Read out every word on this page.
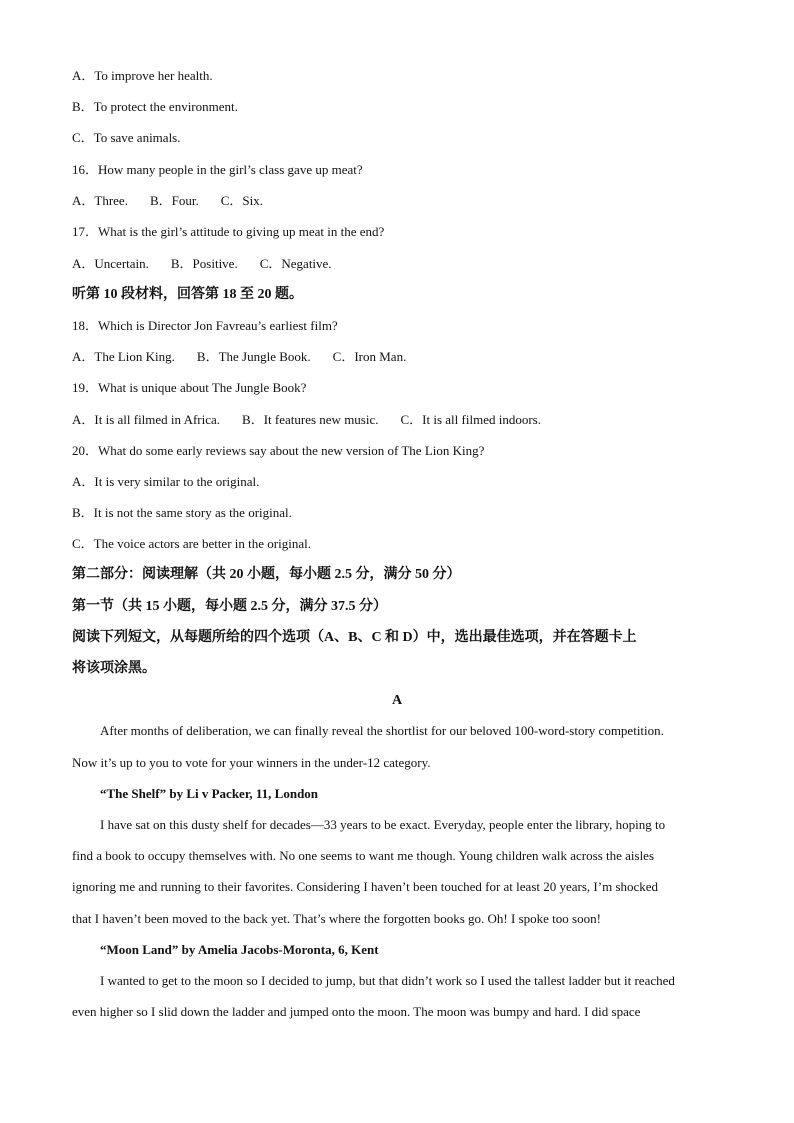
A．To improve her health.
B．To protect the environment.
C．To save animals.
16．How many people in the girl’s class gave up meat?
A．Three. B．Four. C．Six.
17．What is the girl’s attitude to giving up meat in the end?
A．Uncertain. B．Positive. C．Negative.
听第 10 段材料，回答第 18 至 20 题。
18．Which is Director Jon Favreau’s earliest film?
A．The Lion King. B．The Jungle Book. C．Iron Man.
19．What is unique about The Jungle Book?
A．It is all filmed in Africa. B．It features new music. C．It is all filmed indoors.
20．What do some early reviews say about the new version of The Lion King?
A．It is very similar to the original.
B．It is not the same story as the original.
C．The voice actors are better in the original.
第二部分：阅读理解（共 20 小题，每小题 2.5 分，满分 50 分）
第一节（共 15 小题，每小题 2.5 分，满分 37.5 分）
阅读下列短文，从每题所给的四个选项（A、B、C 和 D）中，选出最佳选项，并在答题卡上
将该项涂黑。
A
After months of deliberation, we can finally reveal the shortlist for our beloved 100-word-story competition.
Now it’s up to you to vote for your winners in the under-12 category.
“The Shelf” by Li v Packer, 11, London
I have sat on this dusty shelf for decades—33 years to be exact. Everyday, people enter the library, hoping to
find a book to occupy themselves with. No one seems to want me though. Young children walk across the aisles
ignoring me and running to their favorites. Considering I haven’t been touched for at least 20 years, I’m shocked
that I haven’t been moved to the back yet. That’s where the forgotten books go. Oh! I spoke too soon!
“Moon Land” by Amelia Jacobs-Moronta, 6, Kent
I wanted to get to the moon so I decided to jump, but that didn’t work so I used the tallest ladder but it reached
even higher so I slid down the ladder and jumped onto the moon. The moon was bumpy and hard. I did space
